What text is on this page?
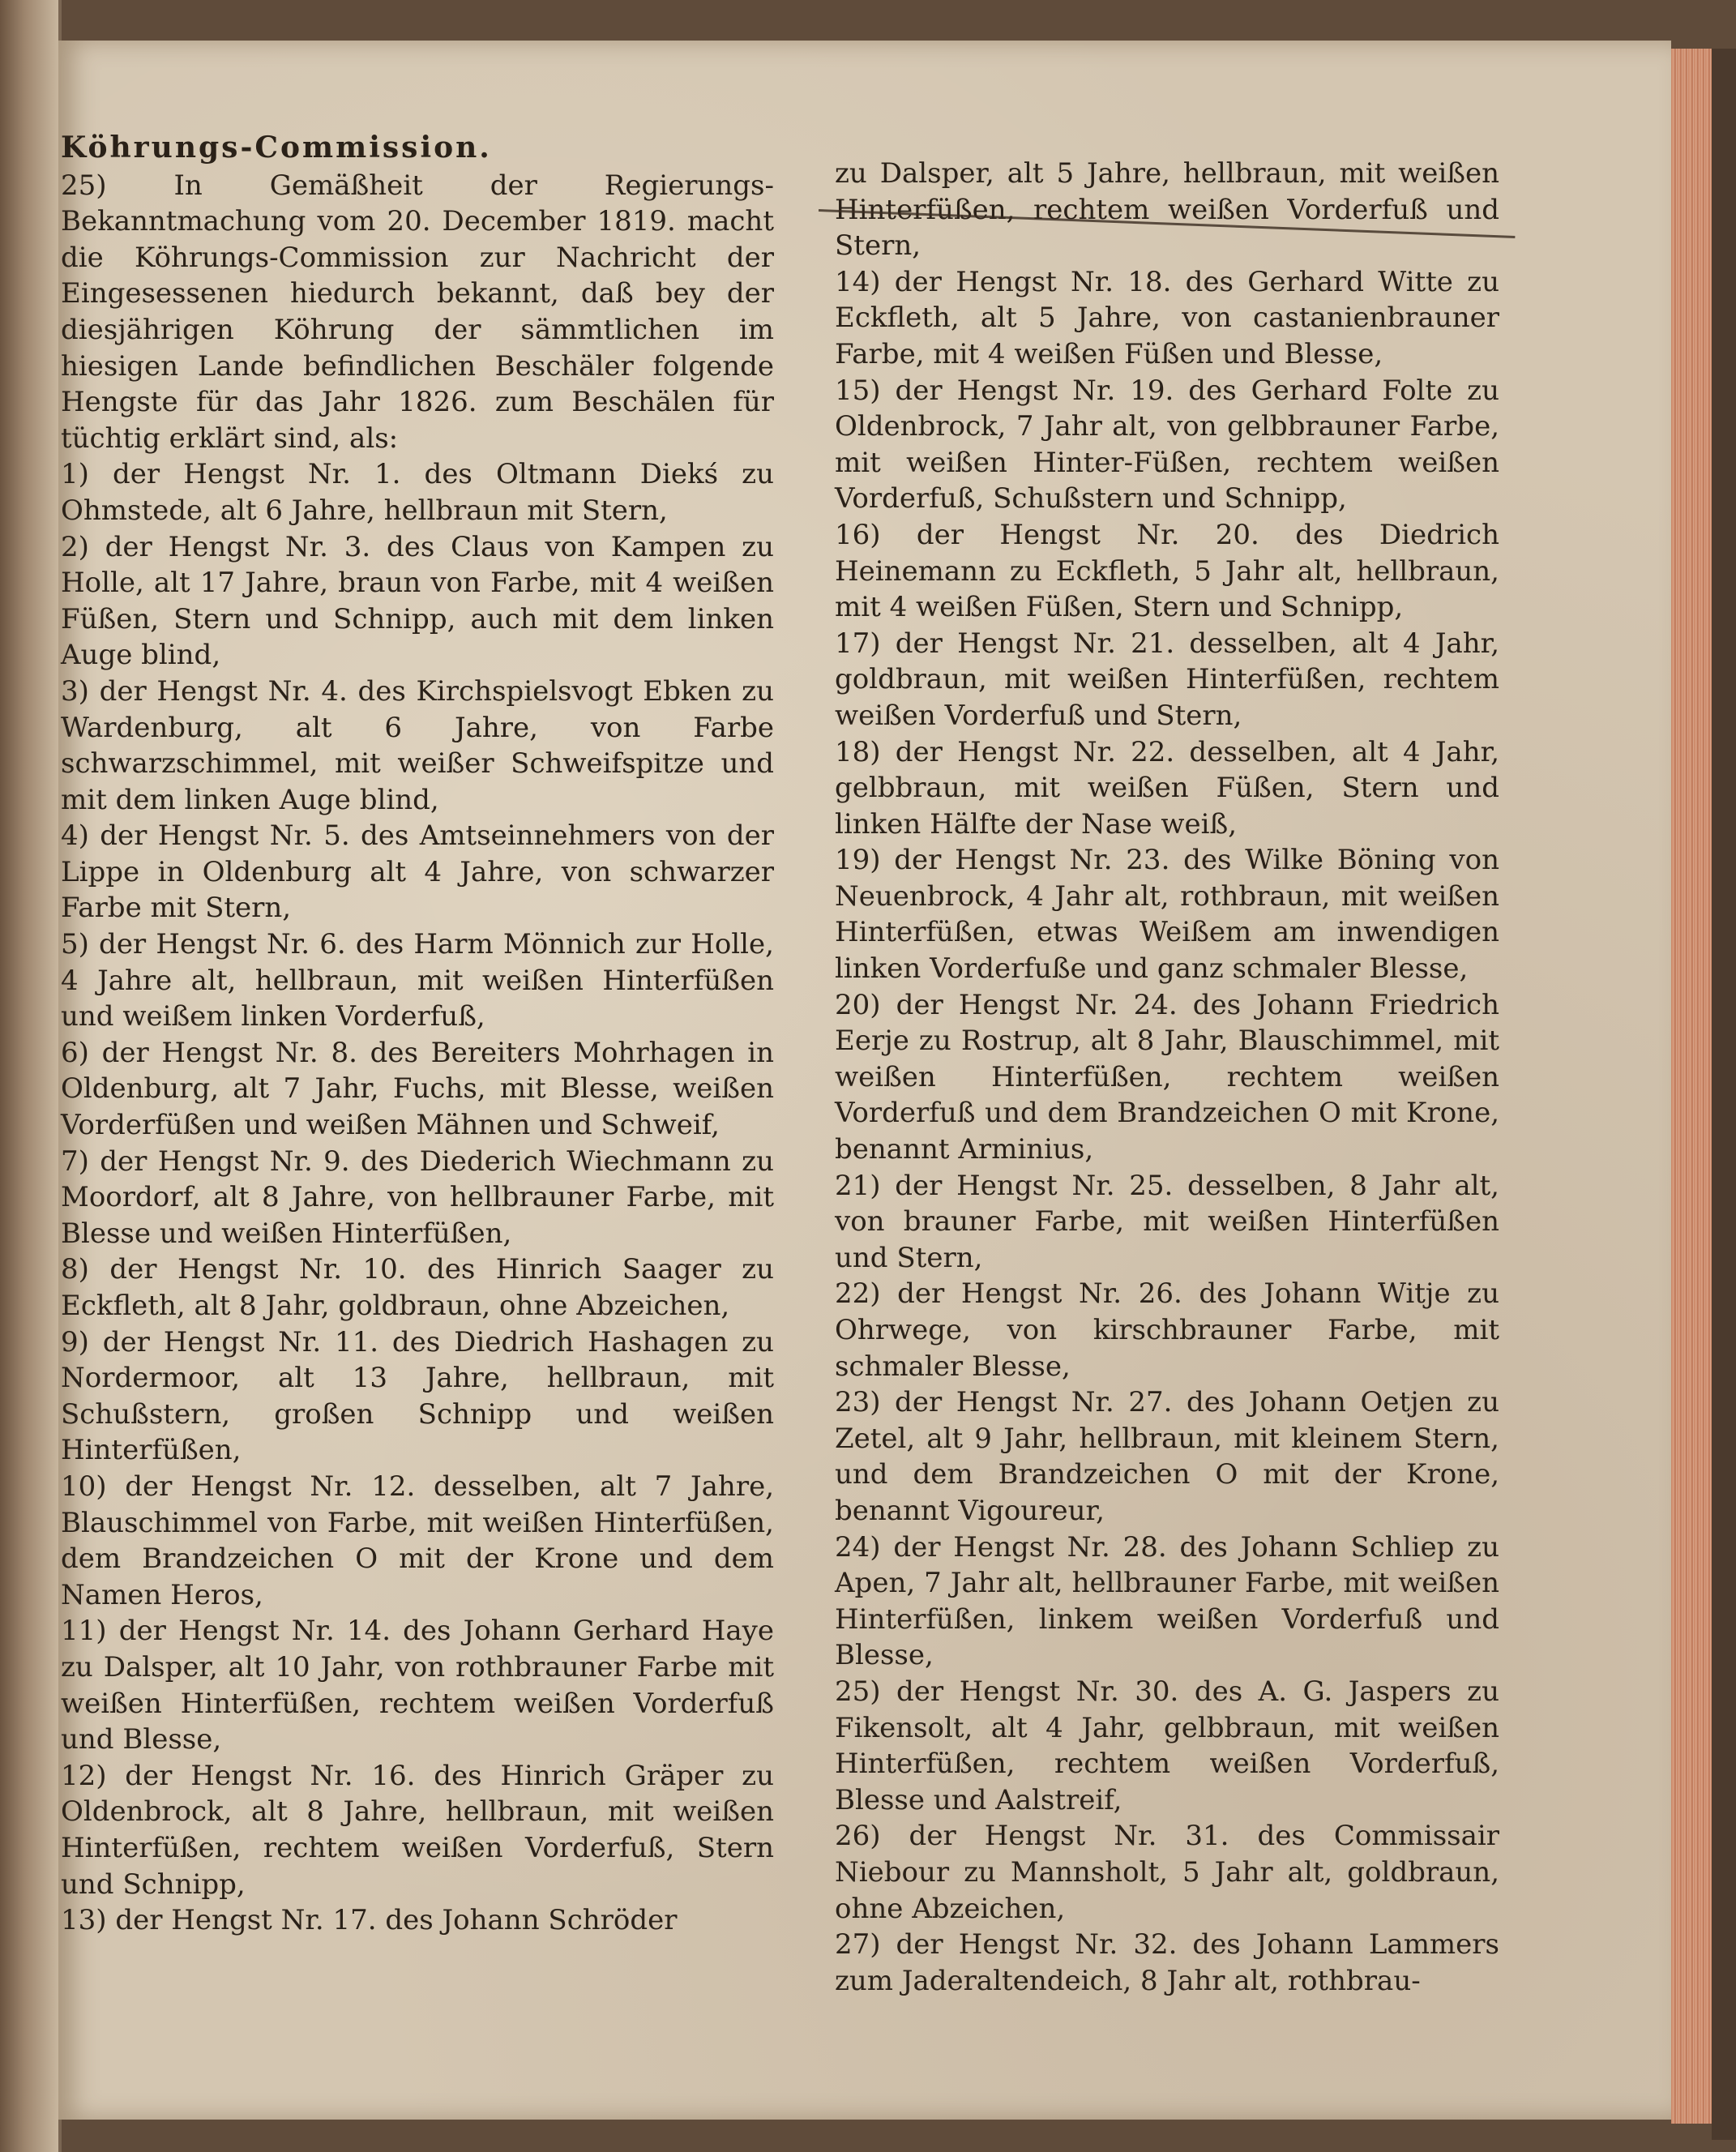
Köhrungs-Commission.
25) In Gemäßheit der Regierungs-Bekanntmachung vom 20. December 1819. macht die Köhrungs-Commission zur Nachricht der Eingesessenen hiedurch bekannt, daß bey der diesjährigen Köhrung der sämmtlichen im hiesigen Lande befindlichen Beschäler folgende Hengste für das Jahr 1826. zum Beschälen für tüchtig erklärt sind, als:
1) der Hengst Nr. 1. des Oltmann Diekś zu Ohmstede, alt 6 Jahre, hellbraun mit Stern,
2) der Hengst Nr. 3. des Claus von Kampen zu Holle, alt 17 Jahre, braun von Farbe, mit 4 weißen Füßen, Stern und Schnipp, auch mit dem linken Auge blind,
3) der Hengst Nr. 4. des Kirchspielsvogt Ebken zu Wardenburg, alt 6 Jahre, von Farbe schwarzschimmel, mit weißer Schweifspitze und mit dem linken Auge blind,
4) der Hengst Nr. 5. des Amtseinnehmers von der Lippe in Oldenburg alt 4 Jahre, von schwarzer Farbe mit Stern,
5) der Hengst Nr. 6. des Harm Mönnich zur Holle, 4 Jahre alt, hellbraun, mit weißen Hinterfüßen und weißem linken Vorderfuß,
6) der Hengst Nr. 8. des Bereiters Mohrhagen in Oldenburg, alt 7 Jahr, Fuchs, mit Blesse, weißen Vorderfüßen und weißen Mähnen und Schweif,
7) der Hengst Nr. 9. des Diederich Wiechmann zu Moordorf, alt 8 Jahre, von hellbrauner Farbe, mit Blesse und weißen Hinterfüßen,
8) der Hengst Nr. 10. des Hinrich Saager zu Eckfleth, alt 8 Jahr, goldbraun, ohne Abzeichen,
9) der Hengst Nr. 11. des Diedrich Hashagen zu Nordermoor, alt 13 Jahre, hellbraun, mit Schußstern, großen Schnipp und weißen Hinterfüßen,
10) der Hengst Nr. 12. desselben, alt 7 Jahre, Blauschimmel von Farbe, mit weißen Hinterfüßen, dem Brandzeichen O mit der Krone und dem Namen Heros,
11) der Hengst Nr. 14. des Johann Gerhard Haye zu Dalsper, alt 10 Jahr, von rothbrauner Farbe mit weißen Hinterfüßen, rechtem weißen Vorderfuß und Blesse,
12) der Hengst Nr. 16. des Hinrich Gräper zu Oldenbrock, alt 8 Jahre, hellbraun, mit weißen Hinterfüßen, rechtem weißen Vorderfuß, Stern und Schnipp,
13) der Hengst Nr. 17. des Johann Schröder
zu Dalsper, alt 5 Jahre, hellbraun, mit weißen Hinterfüßen, rechtem weißen Vorderfuß und Stern,
14) der Hengst Nr. 18. des Gerhard Witte zu Eckfleth, alt 5 Jahre, von castanienbrauner Farbe, mit 4 weißen Füßen und Blesse,
15) der Hengst Nr. 19. des Gerhard Folte zu Oldenbrock, 7 Jahr alt, von gelbbrauner Farbe, mit weißen Hinter-Füßen, rechtem weißen Vorderfuß, Schußstern und Schnipp,
16) der Hengst Nr. 20. des Diedrich Heinemann zu Eckfleth, 5 Jahr alt, hellbraun, mit 4 weißen Füßen, Stern und Schnipp,
17) der Hengst Nr. 21. desselben, alt 4 Jahr, goldbraun, mit weißen Hinterfüßen, rechtem weißen Vorderfuß und Stern,
18) der Hengst Nr. 22. desselben, alt 4 Jahr, gelbbraun, mit weißen Füßen, Stern und linken Hälfte der Nase weiß,
19) der Hengst Nr. 23. des Wilke Böning von Neuenbrock, 4 Jahr alt, rothbraun, mit weißen Hinterfüßen, etwas Weißem am inwendigen linken Vorderfuße und ganz schmaler Blesse,
20) der Hengst Nr. 24. des Johann Friedrich Eerje zu Rostrup, alt 8 Jahr, Blauschimmel, mit weißen Hinterfüßen, rechtem weißen Vorderfuß und dem Brandzeichen O mit Krone, benannt Arminius,
21) der Hengst Nr. 25. desselben, 8 Jahr alt, von brauner Farbe, mit weißen Hinterfüßen und Stern,
22) der Hengst Nr. 26. des Johann Witje zu Ohrwege, von kirschbrauner Farbe, mit schmaler Blesse,
23) der Hengst Nr. 27. des Johann Oetjen zu Zetel, alt 9 Jahr, hellbraun, mit kleinem Stern, und dem Brandzeichen O mit der Krone, benannt Vigoureur,
24) der Hengst Nr. 28. des Johann Schliep zu Apen, 7 Jahr alt, hellbrauner Farbe, mit weißen Hinterfüßen, linkem weißen Vorderfuß und Blesse,
25) der Hengst Nr. 30. des A. G. Jaspers zu Fikensolt, alt 4 Jahr, gelbbraun, mit weißen Hinterfüßen, rechtem weißen Vorderfuß, Blesse und Aalstreif,
26) der Hengst Nr. 31. des Commissair Niebour zu Mannsholt, 5 Jahr alt, goldbraun, ohne Abzeichen,
27) der Hengst Nr. 32. des Johann Lammers zum Jaderaltendeich, 8 Jahr alt, rothbrau-
